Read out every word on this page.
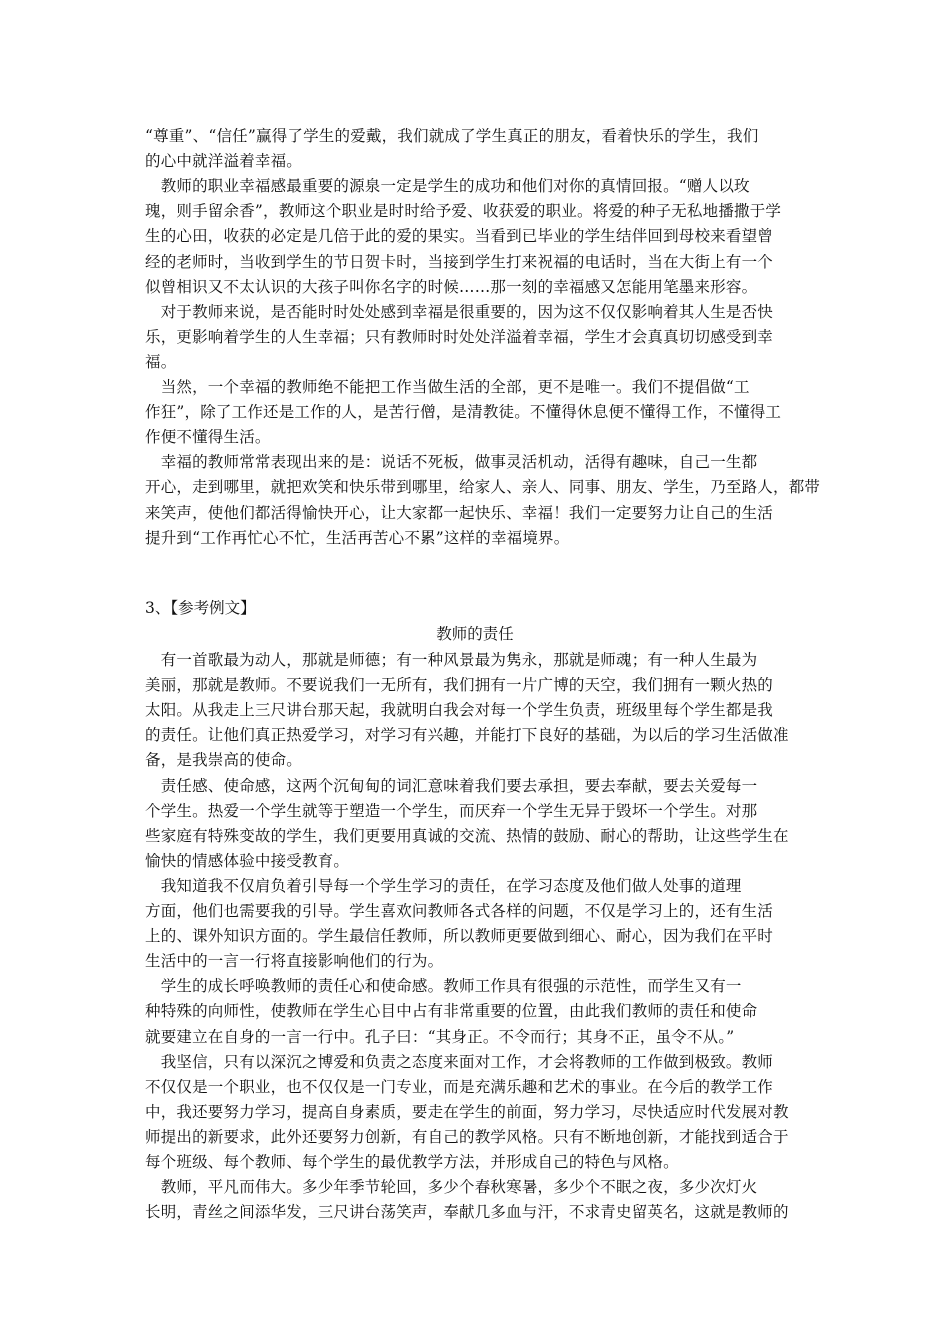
“尊重”、“信任”赢得了学生的爱戴，我们就成了学生真正的朋友，看着快乐的学生，我们
的心中就洋溢着幸福。
　教师的职业幸福感最重要的源泉一定是学生的成功和他们对你的真情回报。“赠人以玫
瑰，则手留余香”，教师这个职业是时时给予爱、收获爱的职业。将爱的种子无私地播撒于学
生的心田，收获的必定是几倍于此的爱的果实。当看到已毕业的学生结伴回到母校来看望曾
经的老师时，当收到学生的节日贺卡时，当接到学生打来祝福的电话时，当在大街上有一个
似曾相识又不太认识的大孩子叫你名字的时候……那一刻的幸福感又怎能用笔墨来形容。
　对于教师来说，是否能时时处处感到幸福是很重要的，因为这不仅仅影响着其人生是否快
乐，更影响着学生的人生幸福；只有教师时时处处洋溢着幸福，学生才会真真切切感受到幸
福。
　当然，一个幸福的教师绝不能把工作当做生活的全部，更不是唯一。我们不提倡做“工
作狂”，除了工作还是工作的人，是苦行僧，是清教徒。不懂得休息便不懂得工作，不懂得工
作便不懂得生活。
　幸福的教师常常表现出来的是：说话不死板，做事灵活机动，活得有趣味，自己一生都
开心，走到哪里，就把欢笑和快乐带到哪里，给家人、亲人、同事、朋友、学生，乃至路人，都带
来笑声，使他们都活得愉快开心，让大家都一起快乐、幸福！我们一定要努力让自己的生活
提升到“工作再忙心不忙，生活再苦心不累”这样的幸福境界。
3、【参考例文】
教师的责任
　有一首歌最为动人，那就是师德；有一种风景最为隽永，那就是师魂；有一种人生最为
美丽，那就是教师。不要说我们一无所有，我们拥有一片广博的天空，我们拥有一颗火热的
太阳。从我走上三尺讲台那天起，我就明白我会对每一个学生负责，班级里每个学生都是我
的责任。让他们真正热爱学习，对学习有兴趣，并能打下良好的基础，为以后的学习生活做准
备，是我崇高的使命。
　责任感、使命感，这两个沉甸甸的词汇意味着我们要去承担，要去奉献，要去关爱每一
个学生。热爱一个学生就等于塑造一个学生，而厌弃一个学生无异于毁坏一个学生。对那
些家庭有特殊变故的学生，我们更要用真诚的交流、热情的鼓励、耐心的帮助，让这些学生在
愉快的情感体验中接受教育。
　我知道我不仅肩负着引导每一个学生学习的责任，在学习态度及他们做人处事的道理
方面，他们也需要我的引导。学生喜欢问教师各式各样的问题，不仅是学习上的，还有生活
上的、课外知识方面的。学生最信任教师，所以教师更要做到细心、耐心，因为我们在平时
生活中的一言一行将直接影响他们的行为。
　学生的成长呼唤教师的责任心和使命感。教师工作具有很强的示范性，而学生又有一
种特殊的向师性，使教师在学生心目中占有非常重要的位置，由此我们教师的责任和使命
就要建立在自身的一言一行中。孔子曰：“其身正。不令而行；其身不正，虽令不从。”
　我坚信，只有以深沉之博爱和负责之态度来面对工作，才会将教师的工作做到极致。教师
不仅仅是一个职业，也不仅仅是一门专业，而是充满乐趣和艺术的事业。在今后的教学工作
中，我还要努力学习，提高自身素质，要走在学生的前面，努力学习，尽快适应时代发展对教
师提出的新要求，此外还要努力创新，有自己的教学风格。只有不断地创新，才能找到适合于
每个班级、每个教师、每个学生的最优教学方法，并形成自己的特色与风格。
　教师，平凡而伟大。多少年季节轮回，多少个春秋寒暑，多少个不眠之夜，多少次灯火
长明，青丝之间添华发，三尺讲台荡笑声，奉献几多血与汗，不求青史留英名，这就是教师的
